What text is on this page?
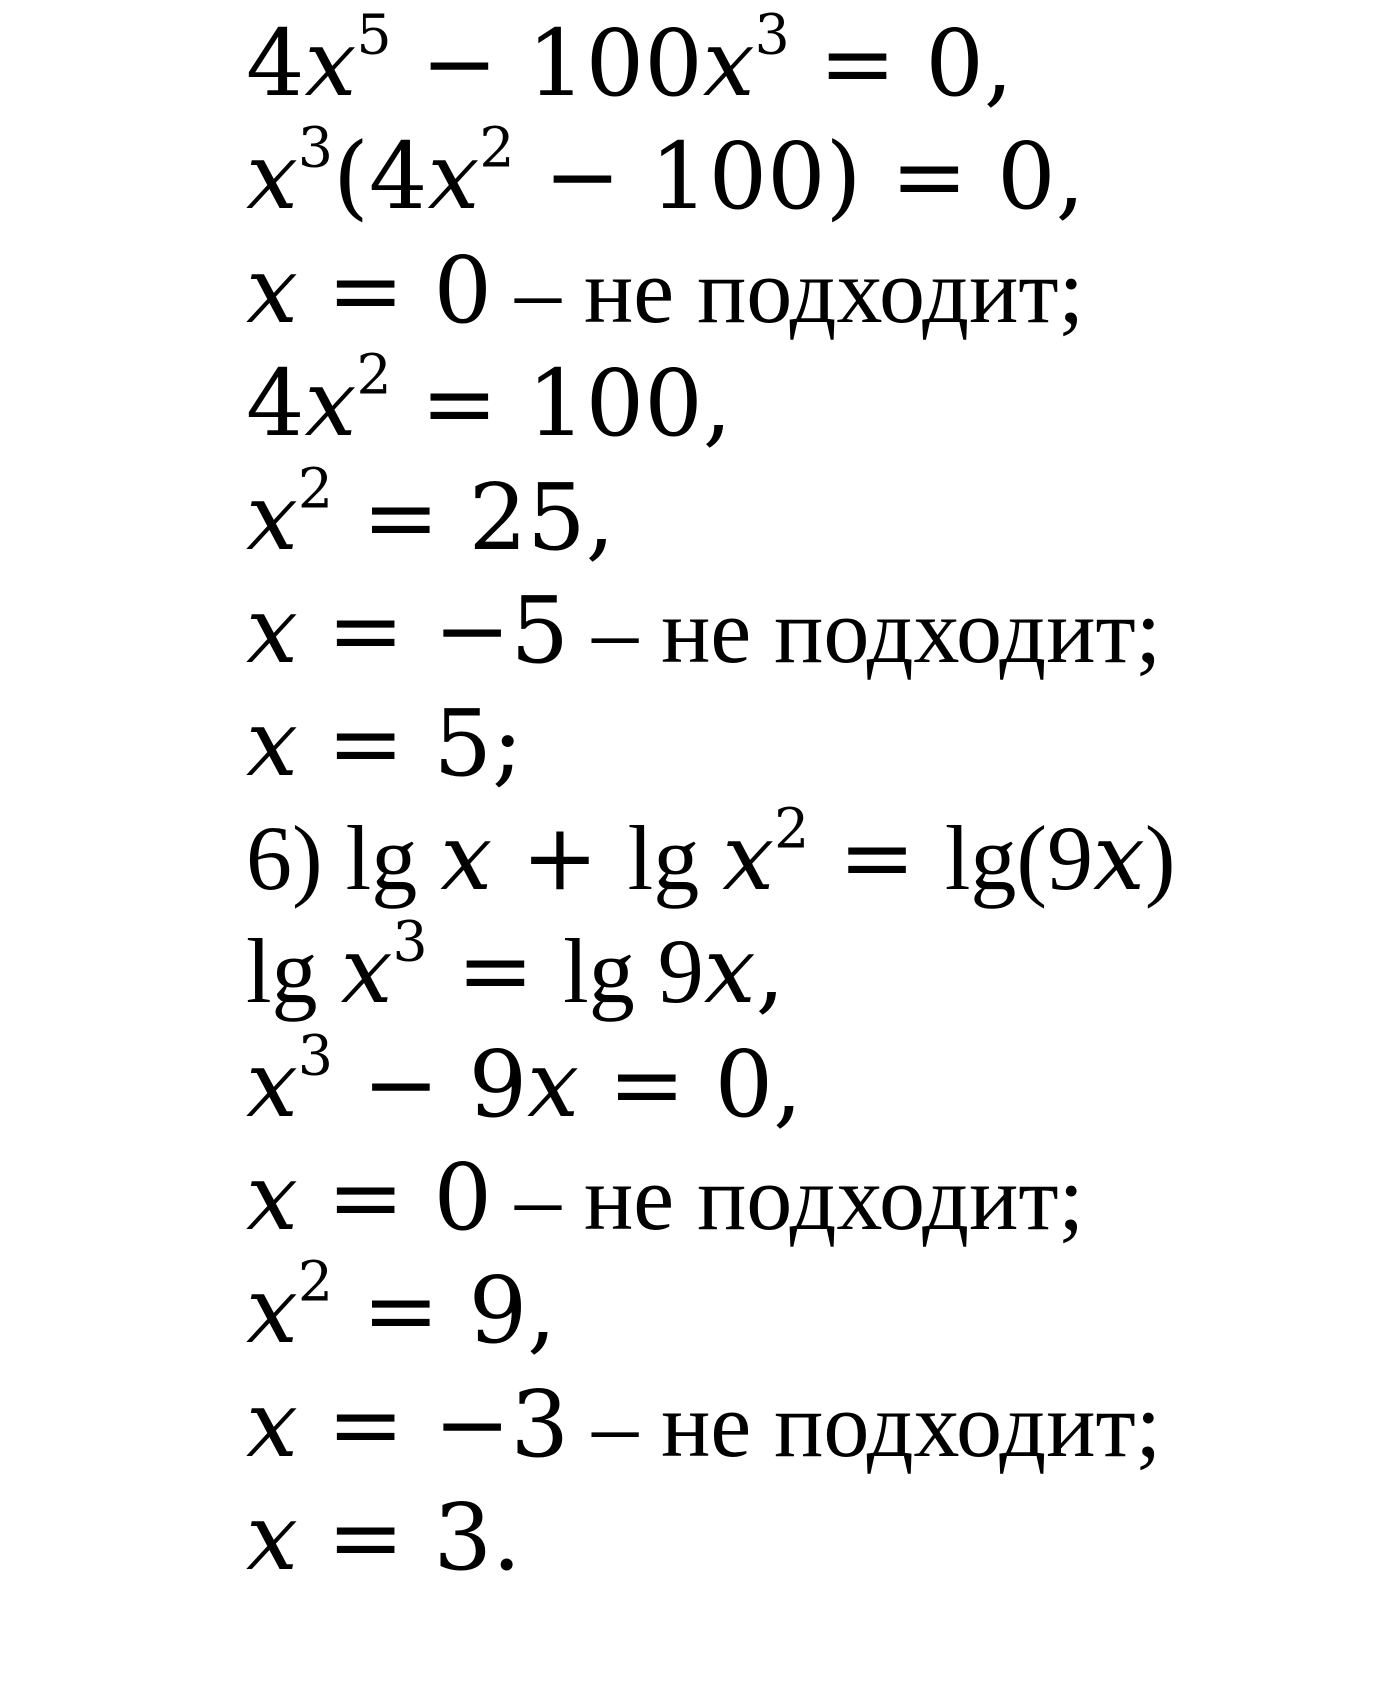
$4x^5 - 100x^3 = 0$,
$x^3(4x^2 - 100) = 0$,
x = 0 – не подходит;
$4x^2 = 100$,
$x^2 = 25$,
x = −5 – не подходит;
x = 5;
6) $\lg x + \lg x^2 = \lg(9x)$
$\lg x^3 = \lg 9x$,
$x^3 - 9x = 0$,
x = 0 – не подходит;
$x^2 = 9$,
x = −3 – не подходит;
x = 3.
